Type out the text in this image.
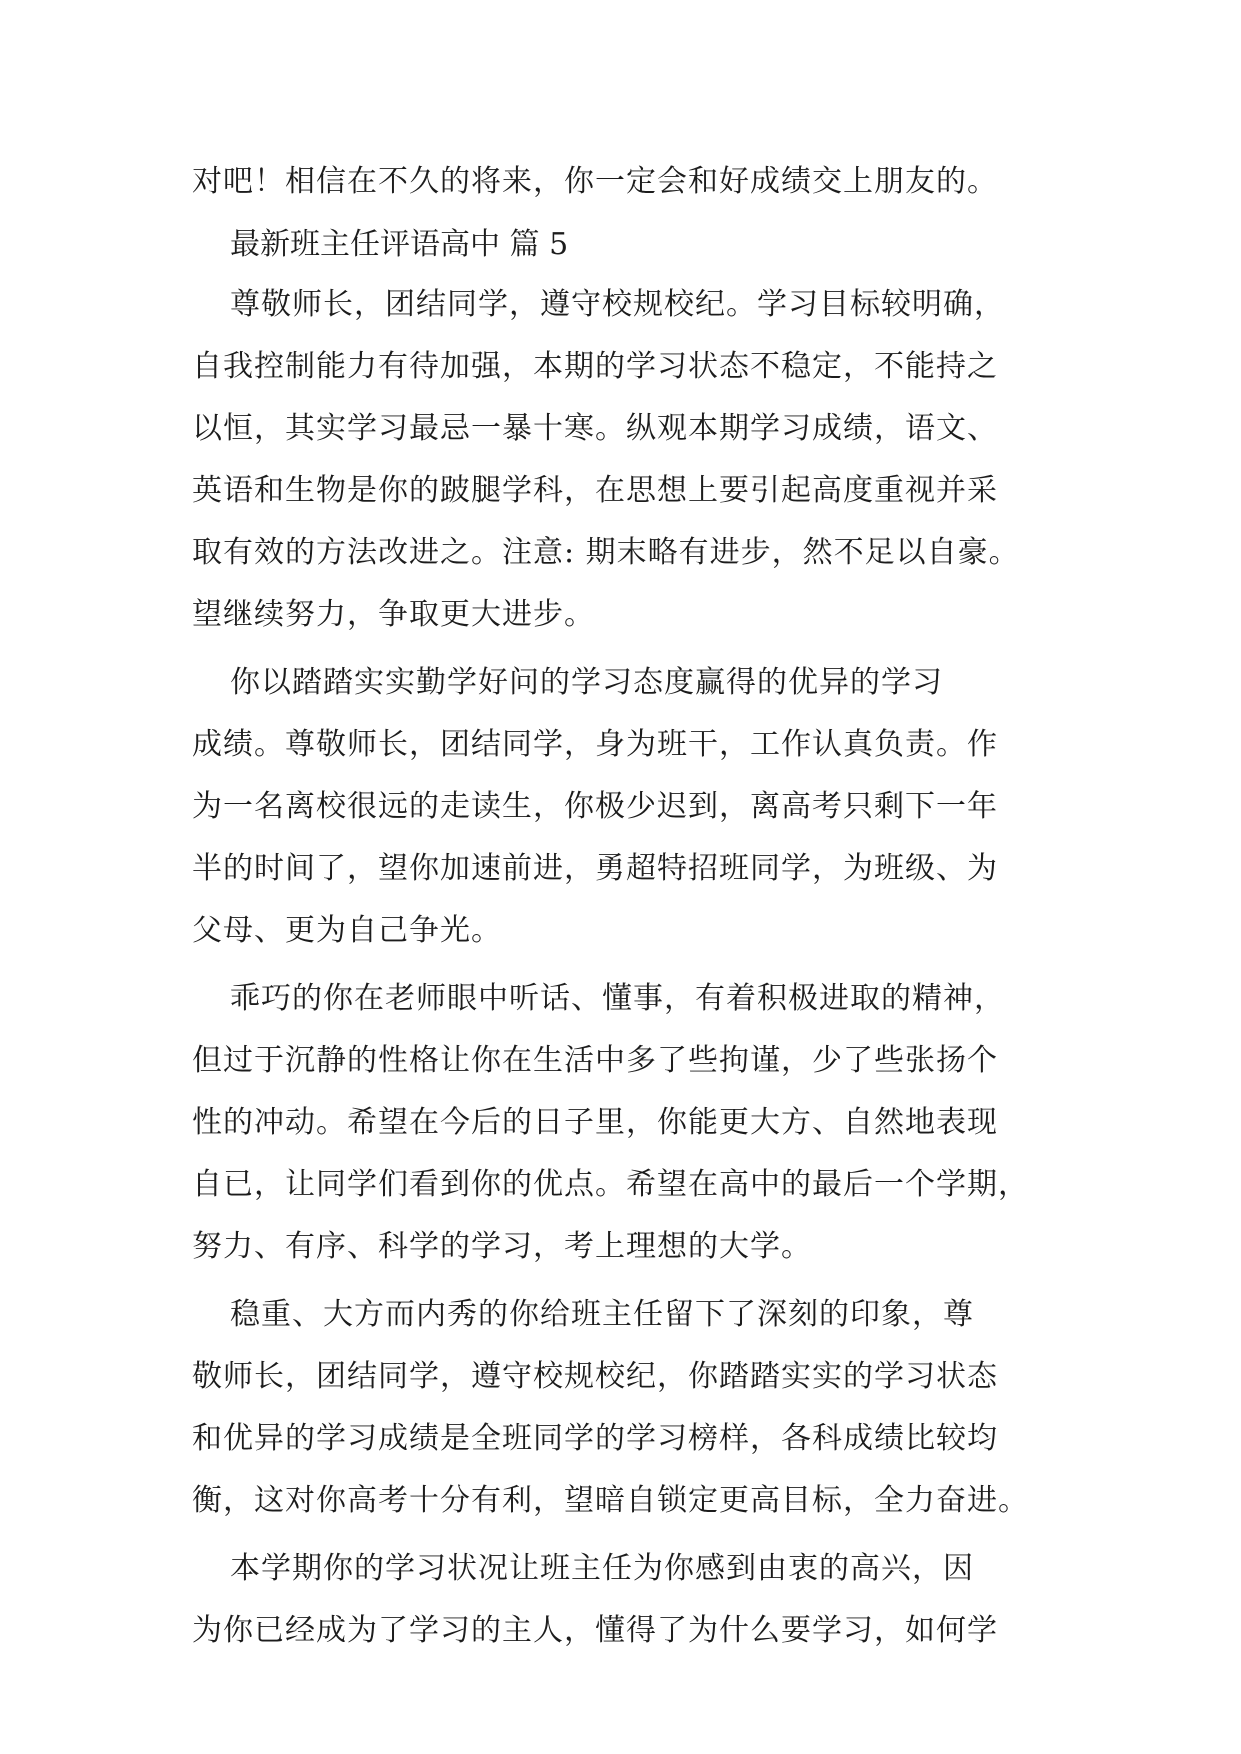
对吧！相信在不久的将来，你一定会和好成绩交上朋友的。
最新班主任评语高中 篇 5
尊敬师长，团结同学，遵守校规校纪。学习目标较明确，
自我控制能力有待加强，本期的学习状态不稳定，不能持之
以恒，其实学习最忌一暴十寒。纵观本期学习成绩，语文、
英语和生物是你的跛腿学科，在思想上要引起高度重视并采
取有效的方法改进之。注意: 期末略有进步，然不足以自豪。
望继续努力，争取更大进步。
你以踏踏实实勤学好问的学习态度赢得的优异的学习
成绩。尊敬师长，团结同学，身为班干，工作认真负责。作
为一名离校很远的走读生，你极少迟到，离高考只剩下一年
半的时间了，望你加速前进，勇超特招班同学，为班级、为
父母、更为自己争光。
乖巧的你在老师眼中听话、懂事，有着积极进取的精神，
但过于沉静的性格让你在生活中多了些拘谨，少了些张扬个
性的冲动。希望在今后的日子里，你能更大方、自然地表现
自已，让同学们看到你的优点。希望在高中的最后一个学期，
努力、有序、科学的学习，考上理想的大学。
稳重、大方而内秀的你给班主任留下了深刻的印象，尊
敬师长，团结同学，遵守校规校纪，你踏踏实实的学习状态
和优异的学习成绩是全班同学的学习榜样，各科成绩比较均
衡，这对你高考十分有利，望暗自锁定更高目标，全力奋进。
本学期你的学习状况让班主任为你感到由衷的高兴，因
为你已经成为了学习的主人，懂得了为什么要学习，如何学
